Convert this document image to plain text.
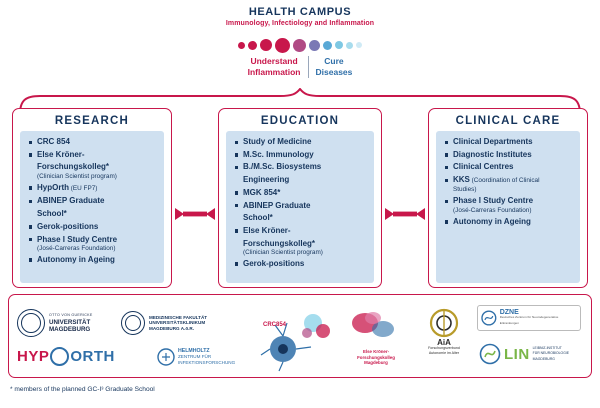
HEALTH CAMPUS
Immunology, Infectiology and Inflammation
Understand
Inflammation
Cure
Diseases
RESEARCH
CRC 854
Else Kröner-
Forschungskolleg*
(Clinician Scientist program)
HypOrth (EU FP7)
ABINEP Graduate
School*
Gerok-positions
Phase I Study Centre
(José-Carreras Foundation)
Autonomy in Ageing
EDUCATION
Study of Medicine
M.Sc. Immunology
B./M.Sc. Biosystems
Engineering
MGK 854*
ABINEP Graduate
School*
Else Kröner-
Forschungskolleg*
(Clinician Scientist program)
Gerok-positions
CLINICAL CARE
Clinical Departments
Diagnostic Institutes
Clinical Centres
KKS (Coordination of Clinical
Studies)
Phase I Study Centre
(José-Carreras Foundation)
Autonomy in Ageing
OTTO VON GUERICKE
UNIVERSITÄT
MAGDEBURG
MEDIZINISCHE FAKULTÄT
UNIVERSITÄTSKLINIKUM
MAGDEBURG A.ö.R.
HYP ORTH	HELMHOLTZ
ZENTRUM FÜR
INFEKTIONSFORSCHUNG
CRC854
Else Kröner-
Forschungskolleg
Magdeburg
AiA
Forschungsverbund
Autonomie im Alter
DZNE
Deutsches Zentrum für Neurodegenerative Erkrankungen
LIN LEIBNIZ-INSTITUT
FÜR NEUROBIOLOGIE
MAGDEBURG
* members of the planned GC-I³ Graduate School
